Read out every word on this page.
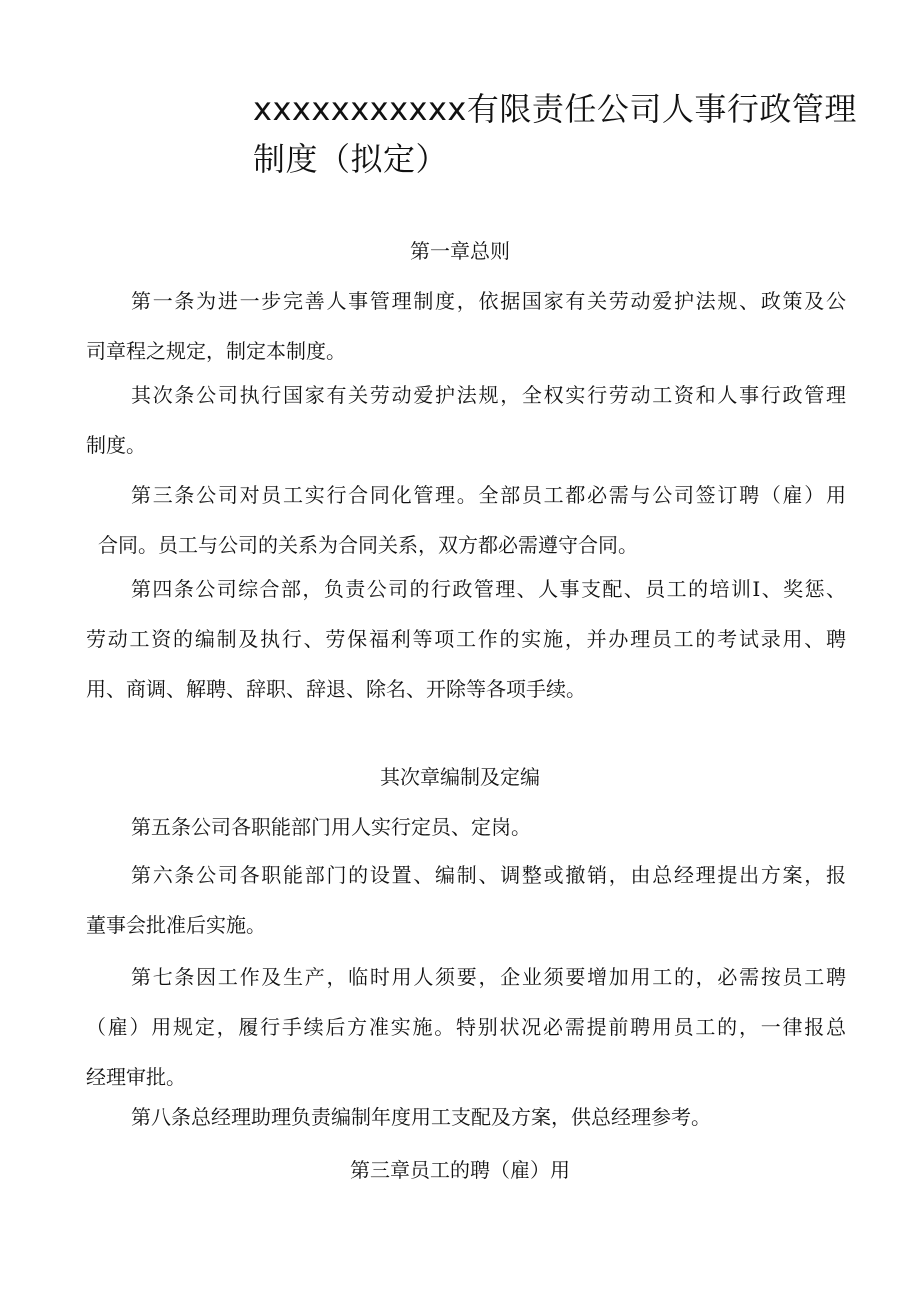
xxxxxxxxxxx有限责任公司人事行政管理
制度（拟定）
第一章总则
第一条为进一步完善人事管理制度，依据国家有关劳动爱护法规、政策及公
司章程之规定，制定本制度。
其次条公司执行国家有关劳动爱护法规，全权实行劳动工资和人事行政管理
制度。
第三条公司对员工实行合同化管理。全部员工都必需与公司签订聘（雇）用
合同。员工与公司的关系为合同关系，双方都必需遵守合同。
第四条公司综合部，负责公司的行政管理、人事支配、员工的培训I、奖惩、
劳动工资的编制及执行、劳保福利等项工作的实施，并办理员工的考试录用、聘
用、商调、解聘、辞职、辞退、除名、开除等各项手续。
其次章编制及定编
第五条公司各职能部门用人实行定员、定岗。
第六条公司各职能部门的设置、编制、调整或撤销，由总经理提出方案，报
董事会批准后实施。
第七条因工作及生产，临时用人须要，企业须要增加用工的，必需按员工聘
（雇）用规定，履行手续后方准实施。特别状况必需提前聘用员工的，一律报总
经理审批。
第八条总经理助理负责编制年度用工支配及方案，供总经理参考。
第三章员工的聘（雇）用
